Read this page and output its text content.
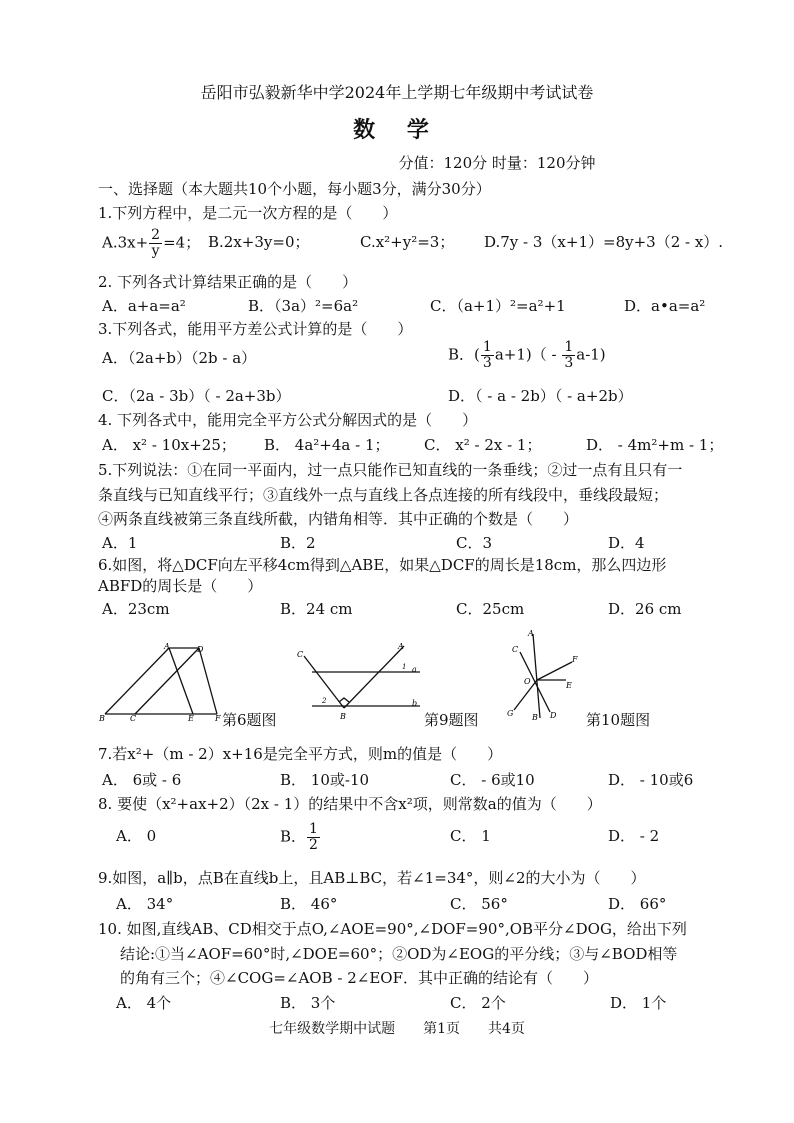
岳阳市弘毅新华中学2024年上学期七年级期中考试试卷
数 学
分值：120分 时量：120分钟
一、选择题（本大题共10个小题，每小题3分，满分30分）
1.下列方程中，是二元一次方程的是（　　）
$A.3x+ \frac{2}{y} =4$； B.2x+3y=0；	C.x²+y²=3； D.7y - 3（x+1）=8y+3（2 - x）.
2. 下列各式计算结果正确的是（　　）
A．a+a=a²	B．（3a）²=6a²	C．（a+1）²=a²+1	D．a•a=a²
3.下列各式，能用平方差公式计算的是（　　）
A．（2a+b）（2b - a）	B．( $\frac{1}{3} a+1)( - \frac{1}{3} a-1)$
C．（2a - 3b）（ - 2a+3b）	D．（ - a - 2b）（ - a+2b）
4. 下列各式中，能用完全平方公式分解因式的是（　　）
A． x² - 10x+25； B． 4a²+4a - 1； C． x² - 2x - 1；	D． - 4m²+m - 1；
5.下列说法：①在同一平面内，过一点只能作已知直线的一条垂线；②过一点有且只有一
条直线与已知直线平行；③直线外一点与直线上各点连接的所有线段中，垂线段最短；
④两条直线被第三条直线所截，内错角相等．其中正确的个数是（　　）
A．1	B．2	C．3	D．4
6.如图，将△DCF向左平移4cm得到△ABE，如果△DCF的周长是18cm，那么四边形
ABFD的周长是（　　）
A．23cm	B．24 cm	C．25cm	D．26 cm
A	D
B	C	E	F 第6题图
C
A
a
b
B
1
2
第9题图
A
C
F
O	E
G B D 第10题图
7.若x²+（m - 2）x+16是完全平方式，则m的值是（　　）
A． 6或 - 6	B． 10或-10	C． - 6或10	D． - 10或6
8. 要使（x²+ax+2）（2x - 1）的结果中不含x²项，则常数a的值为（　　）
A． 0	B． $\frac{1}{2}$	C． 1	D． - 2
9.如图，a∥b，点B在直线b上，且AB⊥BC，若∠1=34°，则∠2的大小为（　　）
A． 34°	B． 46°	C． 56°	D． 66°
10. 如图,直线AB、CD相交于点O,∠AOE=90°,∠DOF=90°,OB平分∠DOG，给出下列
结论:①当∠AOF=60°时,∠DOE=60°；②OD为∠EOG的平分线；③与∠BOD相等
的角有三个；④∠COG=∠AOB - 2∠EOF．其中正确的结论有（　　）
A． 4个	B． 3个	C． 2个	D． 1个
七年级数学期中试题　　第1页　　共4页
